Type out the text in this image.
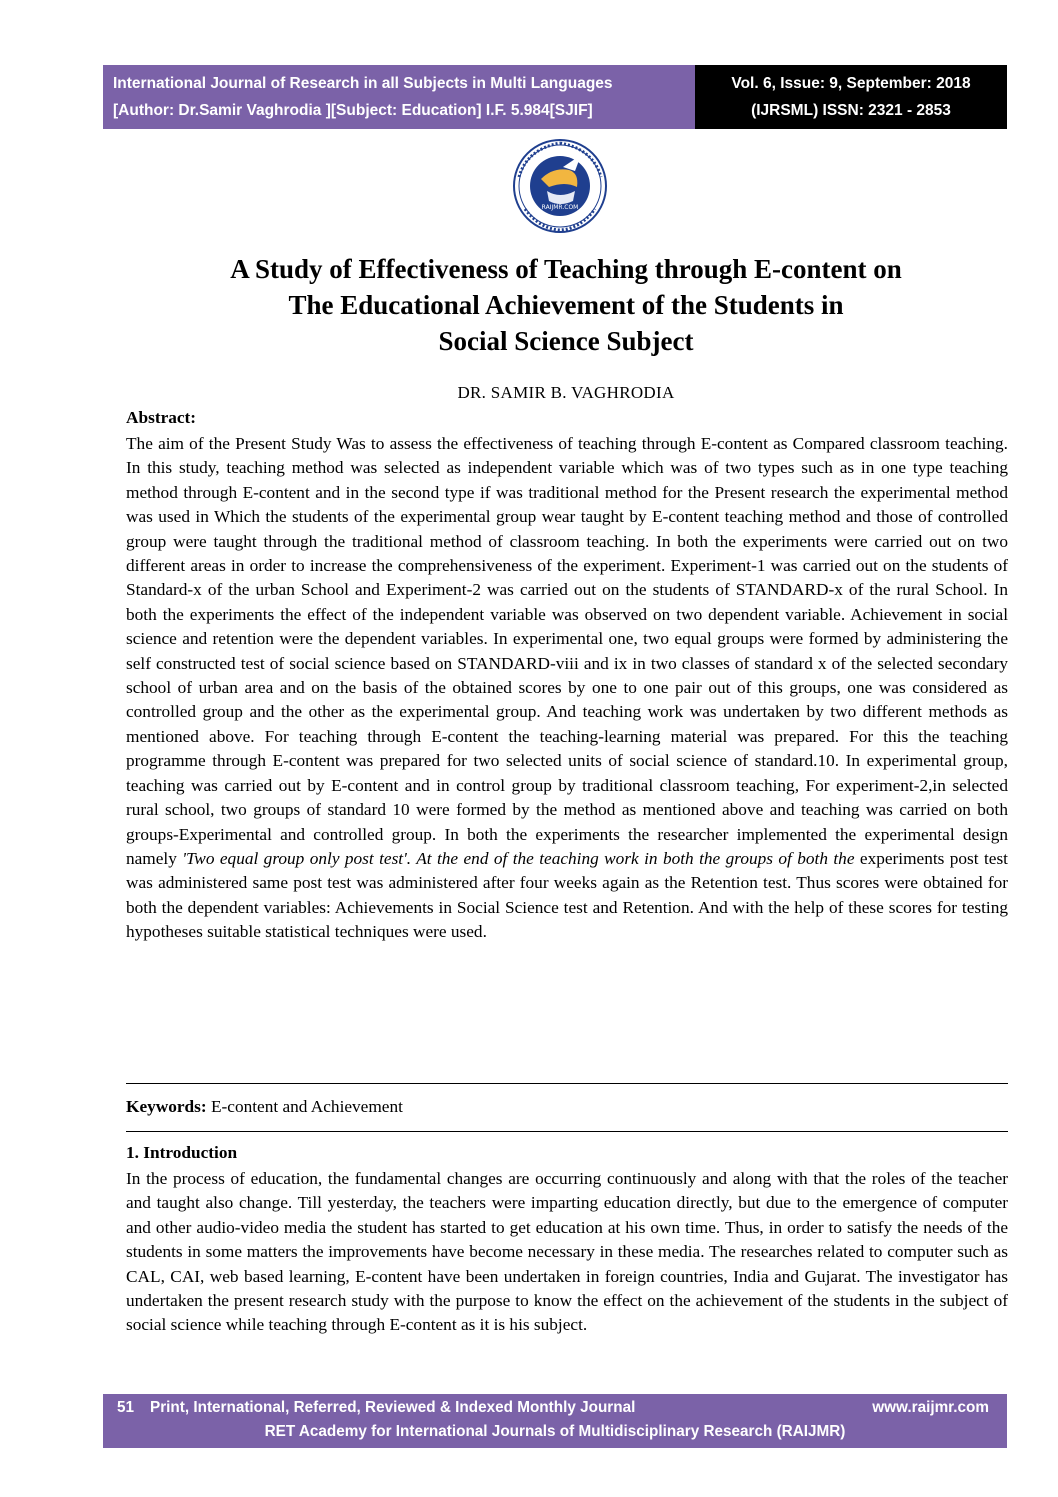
International Journal of Research in all Subjects in Multi Languages
[Author: Dr.Samir Vaghrodia ][Subject: Education] I.F. 5.984[SJIF]
Vol. 6, Issue: 9, September: 2018
(IJRSML) ISSN: 2321 - 2853
RAIJMR.COM
A Study of Effectiveness of Teaching through E-content on
The Educational Achievement of the Students in
Social Science Subject
DR. SAMIR B. VAGHRODIA
Abstract:
The aim of the Present Study Was to assess the effectiveness of teaching through E-content as Compared classroom teaching. In this study, teaching method was selected as independent variable which was of two types such as in one type teaching method through E-content and in the second type if was traditional method for the Present research the experimental method was used in Which the students of the experimental group wear taught by E-content teaching method and those of controlled group were taught through the traditional method of classroom teaching. In both the experiments were carried out on two different areas in order to increase the comprehensiveness of the experiment. Experiment-1 was carried out on the students of Standard-x of the urban School and Experiment-2 was carried out on the students of STANDARD-x of the rural School. In both the experiments the effect of the independent variable was observed on two dependent variable. Achievement in social science and retention were the dependent variables. In experimental one, two equal groups were formed by administering the self constructed test of social science based on STANDARD-viii and ix in two classes of standard x of the selected secondary school of urban area and on the basis of the obtained scores by one to one pair out of this groups, one was considered as controlled group and the other as the experimental group. And teaching work was undertaken by two different methods as mentioned above. For teaching through E-content the teaching-learning material was prepared. For this the teaching programme through E-content was prepared for two selected units of social science of standard.10. In experimental group, teaching was carried out by E-content and in control group by traditional classroom teaching, For experiment-2,in selected rural school, two groups of standard 10 were formed by the method as mentioned above and teaching was carried on both groups-Experimental and controlled group. In both the experiments the researcher implemented the experimental design namely 'Two equal group only post test'. At the end of the teaching work in both the groups of both the experiments post test was administered same post test was administered after four weeks again as the Retention test. Thus scores were obtained for both the dependent variables: Achievements in Social Science test and Retention. And with the help of these scores for testing hypotheses suitable statistical techniques were used.
Keywords: E-content and Achievement
1. Introduction
In the process of education, the fundamental changes are occurring continuously and along with that the roles of the teacher and taught also change. Till yesterday, the teachers were imparting education directly, but due to the emergence of computer and other audio-video media the student has started to get education at his own time. Thus, in order to satisfy the needs of the students in some matters the improvements have become necessary in these media. The researches related to computer such as CAL, CAI, web based learning, E-content have been undertaken in foreign countries, India and Gujarat. The investigator has undertaken the present research study with the purpose to know the effect on the achievement of the students in the subject of social science while teaching through E-content as it is his subject.
51 Print, International, Referred, Reviewed & Indexed Monthly Journal	www.raijmr.com
RET Academy for International Journals of Multidisciplinary Research (RAIJMR)
